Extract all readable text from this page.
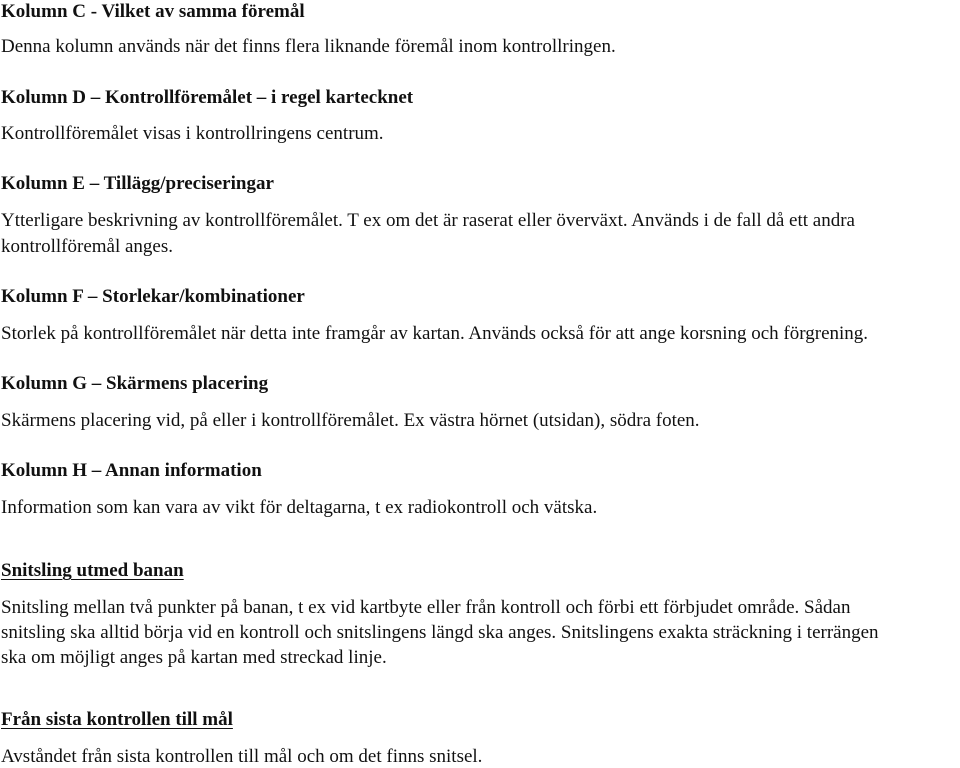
Kolumn C - Vilket av samma föremål
Denna kolumn används när det finns flera liknande föremål inom kontrollringen.
Kolumn D – Kontrollföremålet – i regel kartecknet
Kontrollföremålet visas i kontrollringens centrum.
Kolumn E – Tillägg/preciseringar
Ytterligare beskrivning av kontrollföremålet. T ex om det är raserat eller överväxt. Används i de fall då ett andra
kontrollföremål anges.
Kolumn F – Storlekar/kombinationer
Storlek på kontrollföremålet när detta inte framgår av kartan. Används också för att ange korsning och förgrening.
Kolumn G – Skärmens placering
Skärmens placering vid, på eller i kontrollföremålet. Ex västra hörnet (utsidan), södra foten.
Kolumn H – Annan information
Information som kan vara av vikt för deltagarna, t ex radiokontroll och vätska.
Snitsling utmed banan
Snitsling mellan två punkter på banan, t ex vid kartbyte eller från kontroll och förbi ett förbjudet område. Sådan
snitsling ska alltid börja vid en kontroll och snitslingens längd ska anges. Snitslingens exakta sträckning i terrängen
ska om möjligt anges på kartan med streckad linje.
Från sista kontrollen till mål
Avståndet från sista kontrollen till mål och om det finns snitsel.
